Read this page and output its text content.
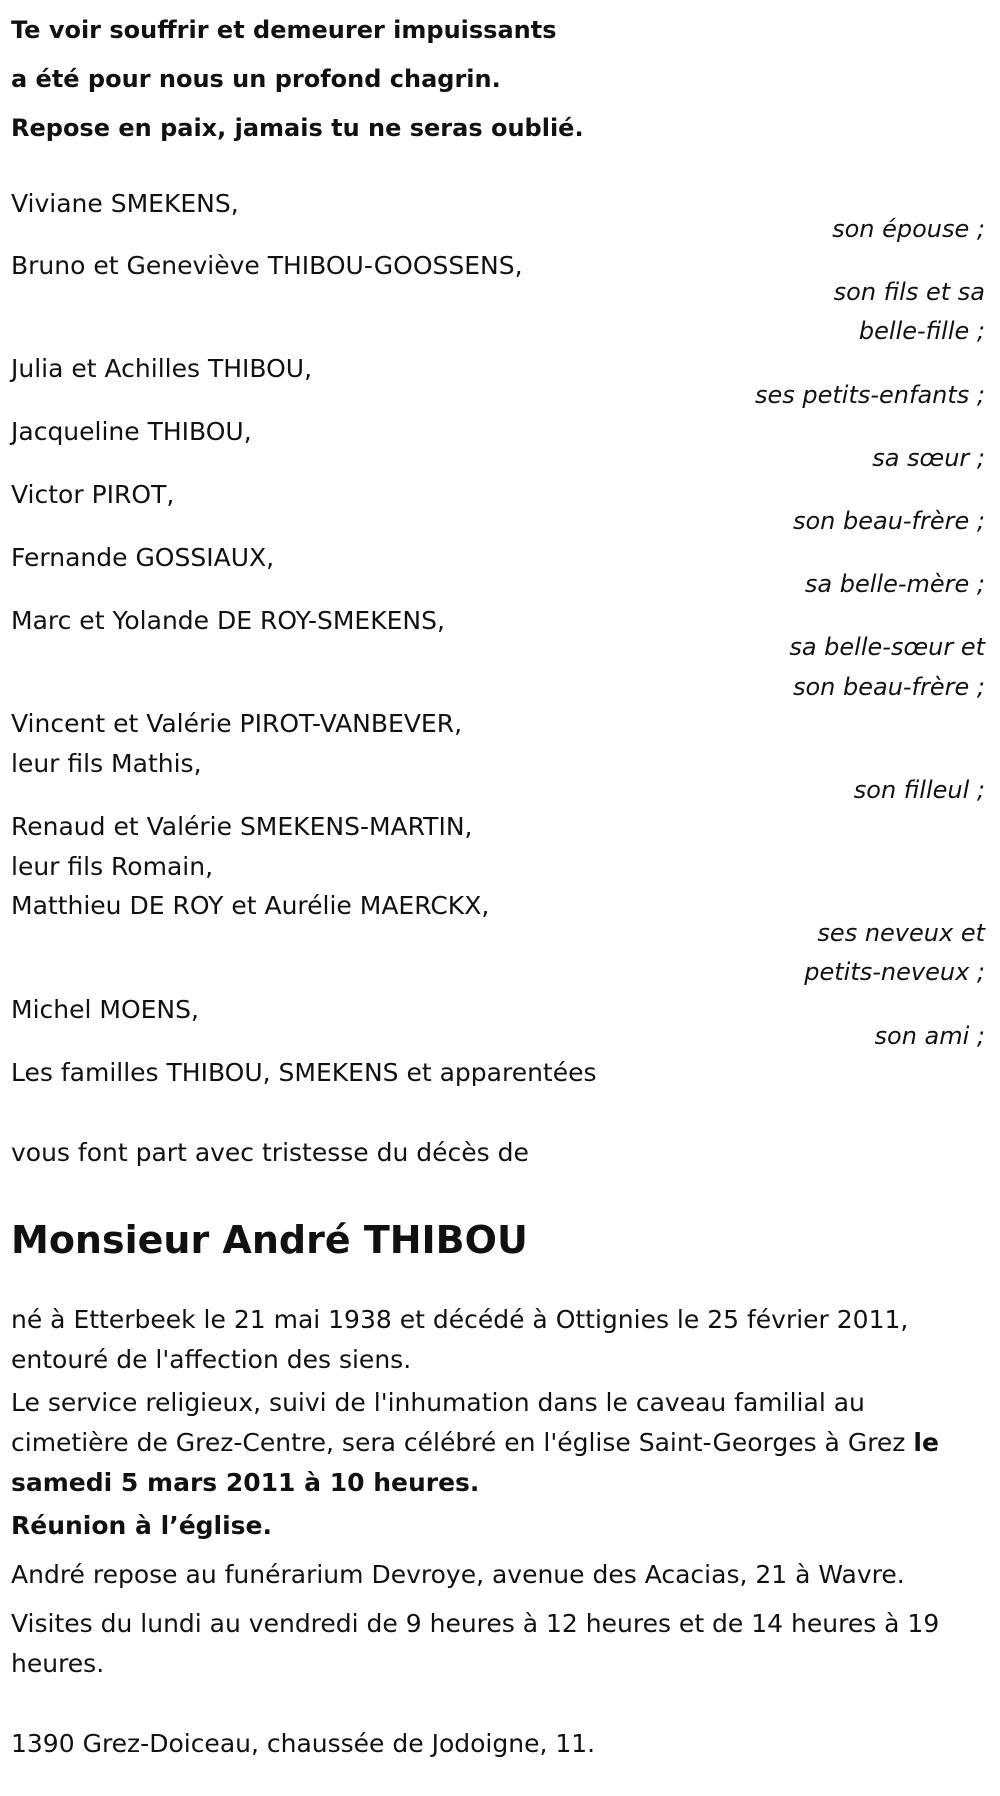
Te voir souffrir et demeurer impuissants
a été pour nous un profond chagrin.
Repose en paix, jamais tu ne seras oublié.
Viviane SMEKENS,
son épouse ;
Bruno et Geneviève THIBOU-GOOSSENS,
son fils et sa
belle-fille ;
Julia et Achilles THIBOU,
ses petits-enfants ;
Jacqueline THIBOU,
sa sœur ;
Victor PIROT,
son beau-frère ;
Fernande GOSSIAUX,
sa belle-mère ;
Marc et Yolande DE ROY-SMEKENS,
sa belle-sœur et
son beau-frère ;
Vincent et Valérie PIROT-VANBEVER,
leur fils Mathis,
son filleul ;
Renaud et Valérie SMEKENS-MARTIN,
leur fils Romain,
Matthieu DE ROY et Aurélie MAERCKX,
ses neveux et
petits-neveux ;
Michel MOENS,
son ami ;
Les familles THIBOU, SMEKENS et apparentées
vous font part avec tristesse du décès de
Monsieur André THIBOU
né à Etterbeek le 21 mai 1938 et décédé à Ottignies le 25 février 2011,
entouré de l'affection des siens.
Le service religieux, suivi de l'inhumation dans le caveau familial au
cimetière de Grez-Centre, sera célébré en l'église Saint-Georges à Grez le
samedi 5 mars 2011 à 10 heures.
Réunion à l’église.
André repose au funérarium Devroye, avenue des Acacias, 21 à Wavre.
Visites du lundi au vendredi de 9 heures à 12 heures et de 14 heures à 19
heures.
1390 Grez-Doiceau, chaussée de Jodoigne, 11.
